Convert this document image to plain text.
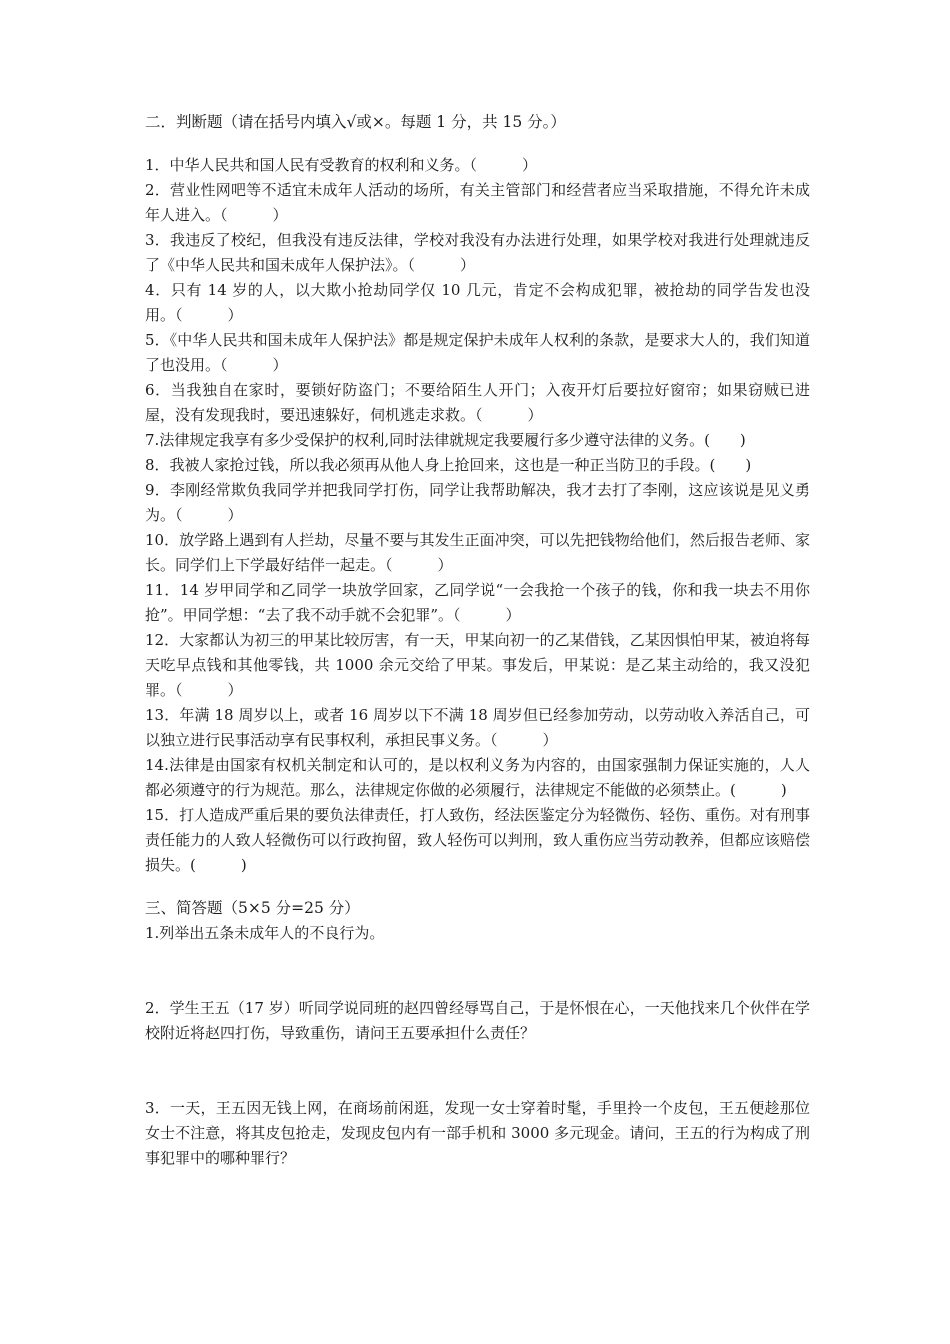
二．判断题（请在括号内填入√或×。每题 1 分，共 15 分。）

1．中华人民共和国人民有受教育的权利和义务。（　　　）

2．营业性网吧等不适宜未成年人活动的场所，有关主管部门和经营者应当采取措施，不得允许未成年人进入。（　　　）

3．我违反了校纪，但我没有违反法律，学校对我没有办法进行处理，如果学校对我进行处理就违反了《中华人民共和国未成年人保护法》。（　　　）

4．只有 14 岁的人，以大欺小抢劫同学仅 10 几元，肯定不会构成犯罪，被抢劫的同学告发也没用。（　　　）

5．《中华人民共和国未成年人保护法》都是规定保护未成年人权利的条款，是要求大人的，我们知道了也没用。（　　　）

6．当我独自在家时，要锁好防盗门；不要给陌生人开门；入夜开灯后要拉好窗帘；如果窃贼已进屋，没有发现我时，要迅速躲好，伺机逃走求救。（　　　）

7.法律规定我享有多少受保护的权利,同时法律就规定我要履行多少遵守法律的义务。(　　)

8．我被人家抢过钱，所以我必须再从他人身上抢回来，这也是一种正当防卫的手段。(　　)

9．李刚经常欺负我同学并把我同学打伤，同学让我帮助解决，我才去打了李刚，这应该说是见义勇为。（　　　）

10．放学路上遇到有人拦劫，尽量不要与其发生正面冲突，可以先把钱物给他们，然后报告老师、家长。同学们上下学最好结伴一起走。（　　　）

11．14 岁甲同学和乙同学一块放学回家，乙同学说“一会我抢一个孩子的钱，你和我一块去不用你抢”。甲同学想：“去了我不动手就不会犯罪”。（　　　）

12．大家都认为初三的甲某比较厉害，有一天，甲某向初一的乙某借钱，乙某因惧怕甲某，被迫将每天吃早点钱和其他零钱，共 1000 余元交给了甲某。事发后，甲某说：是乙某主动给的，我又没犯罪。（　　　）

13．年满 18 周岁以上，或者 16 周岁以下不满 18 周岁但已经参加劳动，以劳动收入养活自己，可以独立进行民事活动享有民事权利，承担民事义务。（　　　）

14.法律是由国家有权机关制定和认可的，是以权利义务为内容的，由国家强制力保证实施的，人人都必须遵守的行为规范。那么，法律规定你做的必须履行，法律规定不能做的必须禁止。(　　　)

15．打人造成严重后果的要负法律责任，打人致伤，经法医鉴定分为轻微伤、轻伤、重伤。对有刑事责任能力的人致人轻微伤可以行政拘留，致人轻伤可以判刑，致人重伤应当劳动教养，但都应该赔偿损失。(　　　)

三、简答题（5×5 分=25 分）

1.列举出五条未成年人的不良行为。

2．学生王五（17 岁）听同学说同班的赵四曾经辱骂自己，于是怀恨在心，一天他找来几个伙伴在学校附近将赵四打伤，导致重伤，请问王五要承担什么责任？

3．一天，王五因无钱上网，在商场前闲逛，发现一女士穿着时髦，手里拎一个皮包，王五便趁那位女士不注意，将其皮包抢走，发现皮包内有一部手机和 3000 多元现金。请问，王五的行为构成了刑事犯罪中的哪种罪行？
